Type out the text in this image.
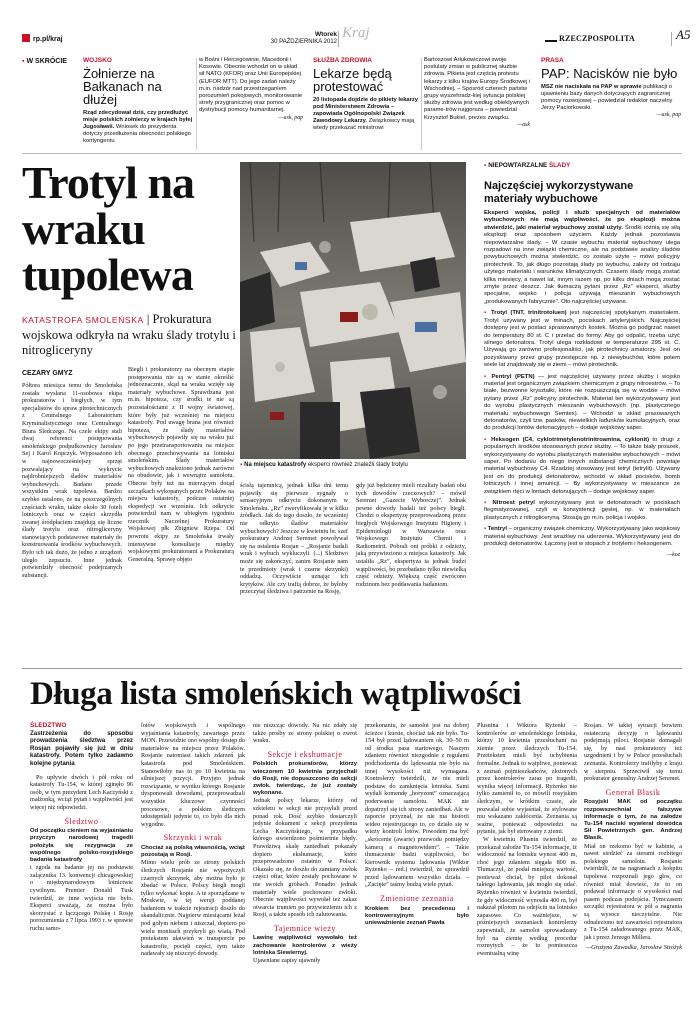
rp.pl/kraj
Wtorek
30 PAŹDZIERNIKA 2012
Kraj	RZECZPOSPOLITA	A5
▪ W SKRÓCIE	WOJSKO
Żołnierze na Bałkanach na dłużej
Rząd zdecydował dziś, czy przedłużyć misje polskich żołnierzy w krajach byłej Jugosławii. Wniosek do prezydenta dotyczy przedłużenia obecności polskiego kontyngentu
w Bośni i Hercegowinie, Macedonii i Kosowie. Obecnie wchodzi on w skład sił NATO (KFOR) oraz Unii Europejskiej (EUFOR MTT). Do jego zadań należy m.in. nadzór nad przestrzeganiem porozumień pokojowych, monitorowanie strefy przygranicznej oraz pomoc w dystrybucji pomocy humanitarnej.
—ask, pap
SŁUŻBA ZDROWIA
Lekarze będą protestować
20 listopada dojdzie do pikiety lekarzy pod Ministerstwem Zdrowia – zapowiada Ogólnopolski Związek Zawodowy Lekarzy. Związkowcy mają wtedy przekazać ministrowi
Bartoszowi Arłukowiczowi swoje postulaty zmian w publicznej służbie zdrowia. Pikieta jest częścią protestu lekarzy z kilku krajów Europy Środkowej i Wschodniej. – Sposród czterech państw grupy wyszehradz-kiej sytuacja polskiej służby zdrowia jest według obiektywnych parame-trów najgorsza – powiedział Krzysztof Bukiel, prezes związku.
—ask
PRASA
PAP: Nacisków nie było
MSZ nie naciskała na PAP w sprawie publikacji o ujawnieniu bazy danych dotyczących zagranicznej pomocy rozwojowej – powiedział redaktor naczelny Jerzy Paciorkowski.
—ask, pap
Trotyl na wraku tupolewa
KATASTROFA SMOLEŃSKA | Prokuratura wojskowa odkryła na wraku ślady trotylu i nitrogliceryny
CEZARY GMYZ
Półtora miesiąca temu do Smoleńska została wysłana 11-osobowa ekipa prokuratorów i biegłych, w tym specjalistów do spraw pirotechnicznych z Centralnego Laboratorium Kryminalistycznego oraz Centralnego Biura Śledczego. Na czele ekipy stali dwaj referenci postępowania smoleńskiego podpułkownicy Jarosław Sej i Karol Kopczyk. Wyposażono ich w najnowocześniejszy sprzęt pozwalający na wykrycie najdrobniejszych śladów materiałów wybuchowych. Badano przede wszystkim wrak tupolewa. Bardzo szybko ustalono, że na poszczególnych częściach wraku, także około 30 foteli lotniczych oraz w części skrzydła zwanej śródpłaciem znajdują się liczne ślady trotylu oraz nitrogliceryny stanowiących podstawowe materiały do konstruowania środków wybuchowych. Było ich tak dużo, że jedno z urządzeń uległo zepsuciu. Inne jednak potwierdziły obecność podejrzanych substancji.
Biegli i prokuratorzy na obecnym etapie postępowania nie są w stanie określić jednoznacznie, skąd na wraku wzięły się materiały wybuchowe. Sprawdzana jest m.in. hipoteza, czy środki te nie są pozostałościami z II wojny światowej, które były już wcześniej na miejscu katastrofy. Pod uwagę brana jest również hipoteza, że ślady materiałów wybuchowych pojawiły się na wraku już po jego przetransportowaniu na miejsce obecnego przechowywania na lotnisku smoleńskim. Ślady materiałów wybuchowych znaleziono jednak zarówno na obudowie, jak i wewnątrz samolotu. Obecne były też na mierzącym dotąd szczątkach wykopanych przez Polaków na miejscu katastrofy, podczas ostatniej ekspedycji we wrześniu. Ich odkrycie potwierdził nam w ubiegłym tygodniu rzecznik Naczelnej Prokuratury Wojskowej płk Zbigniew Rzepa. Od powrotu ekipy ze Smoleńska trwały intensywne konsultacje między wojskowymi prokuratorami a Prokuraturą Generalną. Sprawę objęto
▪ Na miejscu katastrofy eksperci również znaleźli ślady trotylu
ścisłą tajemnicą, jednak kilka dni temu pojawiły się pierwsze sygnały o sensacyjnym odkryciu dokonanym w Smoleńsku. „Rz” zweryfikowała je w kilku źródłach. Jak do tego doszło, że wcześniej nie odkryto śladów materiałów wybuchowych? Jeszcze w kwietniu br. szef prokuratury Andrzej Seremet powoływał się na ustalenia Rosjan – „Rosjanie badali wrak i wybuch wykluczyli. (...) Śledztwo może się zakończyć, zanim Rosjanie nam te przedmioty (wrak i czarne skrzynki) oddadzą. Oczywiście uznając ich krytyków. Ale czy trafią dobrze, że byłoby przeczytaj śledztwa i patrzenie na Rosję,
gdy już będziemy mieli rezultaty badań obu tych dowodów rzeczowych? – mówił Seremet „Gazecie Wyborczej”. Jednak pewne dowody badali też polscy biegli. Chodzi o ekspertyzę przeprowadzoną przez biegłych Wojskowego Instytutu Higieny i Epidemiologii w Warszawie oraz Wojskowego Instytutu Chemii i Radiometrii. Pobrali oni próbki z odzieży, jaką przywieziono z miejsca katastrofy. Jak ustaliła „Rz”, ekspertyza ta jednak budzi wątpliwości, bo przebadano tylko niewielką część odzieży. Większą część zwrócono rodzinom bez poddawania badaniom.
▪ NIEPOWTARZALNE ŚLADY
Najczęściej wykorzystywane materiały wybuchowe

Eksperci wojska, policji i służb specjalnych od materiałów wybuchowych nie mają wątpliwości, że po eksplozji można stwierdzić, jaki materiał wybuchowy został użyty. Środki różnią się siłą eksplozji oraz sposobem użyciem. Każdy jednak pozostawia niepowtarzalne ślady. – W czasie wybuchu materiał wybuchowy ulega rozpadowi na inne związki chemiczne, ale na podstawie analizy śladów powybuchowych można stwierdzić, co zostało użyte – mówi policyjny pirotechnik. To, jak długo pozostają ślady po wybuchu, zależy od rodzaju użytego materiału i warunków klimatycznych. Czasem ślady mogą zostać kilka miesięcy, a nawet lat, innym razem np. po kilku dniach mogą zostać zmyte przez deszcz. Jak tłumaczą pytani przez „Rz” eksperci, służby specjalne, wojsko i policja używają mieszanin wybuchowych „produkowanych fabrycznie”. Oto najczęściej używane.

▪ Trotyl (TNT, trinitrotoluen) jest najczęściej spotykanym materiałem. Trotyl używany jest w minach, pociskach artyleryjskich. Najczęściej dostępny jest w postaci sprasowanych kostek. Można go podgrzać nawet do temperatury 80 st. C i przelać do formy. Aby go odpalić, trzeba użyć silnego detonatora. Trotyl ulega rozkładowi w temperaturze 295 st. C. Używają go zarówno profesjonaliści, jak pirotechnicy amatorzy. Jest on pozyskiwany przez grupy przestępcze np. z niewybuchów, które potem wiele lat znajdowały się w ziemi – mówi pirotechnik.

▪ Pentryl (PETN) — jest najczęściej używany przez służby i wojsko materiał jest organicznym związkiem chemicznym z grupy nitroestrów. – To białe, bezwonne kryształki, które nie rozpuszczają się w wodzie – mówi pytany przez „Rz” policyjny pirotechnik. Materiał ten wykorzystywany jest do wyrobu plastycznych mieszanin wybuchowych (np. plastycznego materiału wybuchowego Semtex). – Wchodzi w skład prasowanych detonatorów, czyli tzw. pasków, niewielkich ładunków kumulacyjnych, oraz do produkcji lontów detonacyjnych – dodaje wojskowy saper.

▪ Heksogen (C4, cyklotrimetylenotrinitroamina, cyklonit) to drugi z popularnych środków stosowanych przez służby. – To także biały proszek, wykorzystywany do wyrobu plastycznych materiałów wybuchowych – mówi saper. Po dodaniu do niego innych substancji chemicznych powstaje materiał wybuchowy C4. Rzadziej stosowany jest tetryl (tetrylit). Używany jest on do produkcji detonatorów, wchodzi w skład pocisków, bomb lotniczych i innej amunicji. – By wykorzystywany w mieszance ze związkiem rtęci w lontach detonujących – dodaje wojskowy saper.

▪ Nitroest petryl wykorzystywany jest w detonatorach w pociskach flegmatyzowanej, czyli w konsystencji gęstej, np. w materiałach plastycznych z nitrogliceryną. Stosują go m.in. policja i wojsko.

▪ Tentryl – organiczny związek chemiczny. Wykorzystywany jako wojskowy materiał wybuchowy. Jest wrażliwy na uderzenia. Wykorzystywany jest do produkcji detonatorów. Łączony jest w stopach z trotylem i heksogenem.

—koz
Długa lista smoleńskich wątpliwości
ŚLEDZTWO
Zastrzeżenia do sposobu prowadzenia śledztwa przez Rosjan pojawiły się już w dniu katastrofy. Potem tylko zadawno kolejne pytania
Po upływie dwóch i pół roku od katastrofy Tu-154, w której zginęło 96 osób, w tym prezydent Lech Kaczyński z małżonką, wciąż pytań i wątpliwości jest więcej niż odpowiedzi.
Śledztwo
Od początku cieniem na wyjaśnianiu przyczyn narodowej tragedii położyła się rezygnacja ze wspólnego polsko-rosyjskiego badania katastrofy
i zgoda na badanie jej na podstawie załącznika 13. konwencji chicagowskiej o międzynarodowym lotnictwie cywilnym. Premier Donald Tusk twierdził, że inne wyjścia nie było. Eksperci uważają, że można było skorzystać z łączącego Polskę i Rosję porozumienia z 7 lipca 1993 r. w sprawie ruchu samo-
lotów wojskowych i wspólnego wyjaśniania katastrofy, zawartego przez MON. Przewidzie ono wspólny dostęp do materiałów na miejscu przez Polaków. Rosjanie natomiast takich zdarzeń jak katastrofa pod Smoleńskiem. Stanowiłoby nas to po 10 kwietnia na silniejszej pozycji. Przyjęto jednak rozwiązanie, w wyniku którego Rosjanie dysponowali dowodami, przeprowadzali wszystkie kluczowe czynności procesowe, a polskim śledczym udostępniali jedynie to, co było dla nich wygodne.
Skrzynki i wrak
Chociaż są polską własnością, wciąż pozostają w Rosji.
Mimo wielu prób ze strony polskich śledczych Rosjanie nie wypożyczyli czarnych skrzynek, aby można było je zbadać w Polsce. Polscy biegli mogli tylko wykonać kopie. A te sporządzane w Moskwie, w tej wersji poddanej badaniom w trakcie rejestracji doszło do skandalicznie. Najpierw miesiącami leżał pod gołym niebem i niszczał, dopiero po wielu monitach przykryli go wiatą. Pod pretekstem ułatwień w transporcie po katastrofie, pocięli części, tym także nadawały się niszczyć dowody.
nie niszcząc dowody. Na nic zdały się także prośby ze strony polskiej o zwrot wraku.
Sekcje i ekshumacje
Polskich prokuratorów, którzy wieczorem 10 kwietnia przyjechali do Rosji, nie dopuszczono do sekcji zwłok, twierdząc, że już zostały wykonane.
Jednak polscy lekarze, którzy od szkieletu w sekcji nie przysyłali przed ponad rok. Dość szybko dostarczyli jedynie dokument z sekcji prezydenta Lecha Kaczyńskiego, w przypadku którego stwierdzono pośmiertnie błędy. Prawdziwą skalę zaniedbań pokazały dopiero ekshumacje, które przeprowadzono ostatnio w Polsce. Okazało się, że doszło do zamiany zwłok części ofiar, które zostały pochowane w nie swoich grobach. Ponadto jednak materiały wiele pochowano zwłoki. Obecnie wątpliwości wywołał też zakaz otwarcia trumien po przywiezieniu ich z Rosji, a także sposób ich zalutowania.
Tajemnice wieży
Lawinę wątpliwości wywołało też zachowanie kontrolerów z wieży lotniska Siewiernyj.
Ujawniane zapisy ujawniły
przekonaniu, że samolot jest na dobrej ścieżce i kursie, choćiaż tak nie było. Tu-154 był przed lądowaniem ok. 30–50 m od środka pasa startowego. Naszym zdaniem również niezgodnie z regułami podchodzenia do lądowania nie było na innej wysokości niż wymagana. Kontrolerzy twierdzili, że nie mieli podstaw do zamknięcia lotniska. Sami wydali komendę „horyzont” oznaczającą poderwanie samolotu. MAK nie dopatrzył się ich strony zaniedbań. Ale w raporcie przyznał, że nie ma historii wideo rejestrującego to, co działo się w wieży kontroli lotów. Powodem ma być „skrócenie (awarie) przewodu pomiędzy kamerą a magnetowidem”. – Takie tłumaczenie budzi wątpliwości, bo kierownik systemu lądowania (Wiktor Ryżenko – red.) twierdził, że sprawdził przed lądowaniem wszystko działa. – „Zacięte” taśmy budzą wiele pytań.
Zmienione zeznania
Krokiem bez precedensu i kontrowersyjnym było uniewaźnienie zeznań Pawła
Plusnina i Wiktora Ryżenki – kontrolerów ze smoleńskiego lotniska, którzy 10 kwietnia przesłuchani na ziemie przez śledczych Tu-154. Przeteksten mieli być uchybienia formalne. Jednak to wątpliwe, ponieważ z zeznań pojmieszkańców, złożonych przez kontrolerów zaraz po tragedii, wynika więcej informacji. Ryżenko nie tylko zamienił to, co mówili rosyjskim śledczym, w krótkim czasie, ale pozwalał sobie wyjaśniał, że stylowane mu wskazano zakłócenia. Zeznania są ważne, ponieważ odpowiedzi na pytanie, jak był sterowany z ziemi.
W kwietniu Plusnin twierdził, że przekazał załodze Tu-154 informacje, iż widoczność na lotnisku wynosi 400 m, choć jego zdaniem sięgała 800 m. Tłumaczył, że podał mniejszą wartość, ponieważ chciał, by pilot dokonał takiego lądowania, jak mogło się udać. Ryżenko również w kwietniu twierdził, że gdy widoczność wynosiła 400 m, był nakazał pilotom na odejściu na lotnisko zapasowe. Co ważniejsze, w późniejszych zeznaniach kontrolerzy zapewniali, że samolot sprowadzany był na ziemię według procedur rozmytych – że to pomieszcza ewentualną winę
Rosjan. W takiej sytuacji bowiem ostateczną decyzję o lądowaniu podejmują piloci. Rosjanie domagali się, by nasi prokuratorzy też uzgodnieni i by w Polsce przesłuchali zeznania. Kontrolerzy trafiłyby z kraju w sierpniu. Sprzeciwił się temu prokurator generalny Andrzej Seremet.
Generał Błasik
Rosyjski MAK od początku rozpowszechniał fałszywe informacje o tym, że na załodze Tu-154 naciski wywierał dowódca Sił Powietrznych gen. Andrzej Błasik.
Miał on rzekomo być w kabinie, a nawet siedzieć za sterami rozbitego polskiego samolotu. Rosjanie twierdzili, że na nagraniach z kokpitu tupolewa rozpoznali jego głos, co również miał dowieść, że to on podawał informacje o wysokości nad pasem podczas podejścia. Tymczasem szczątki rejestratora w pół a nagrania są wysoce nieczytelne. Nie odnaleziono też zawartości rejestratora z Tu-154 załadowanego przez MAK, jak i przez Jerzego Millera.
—Grażyna Zawadka, Jarosław Stróżyk
